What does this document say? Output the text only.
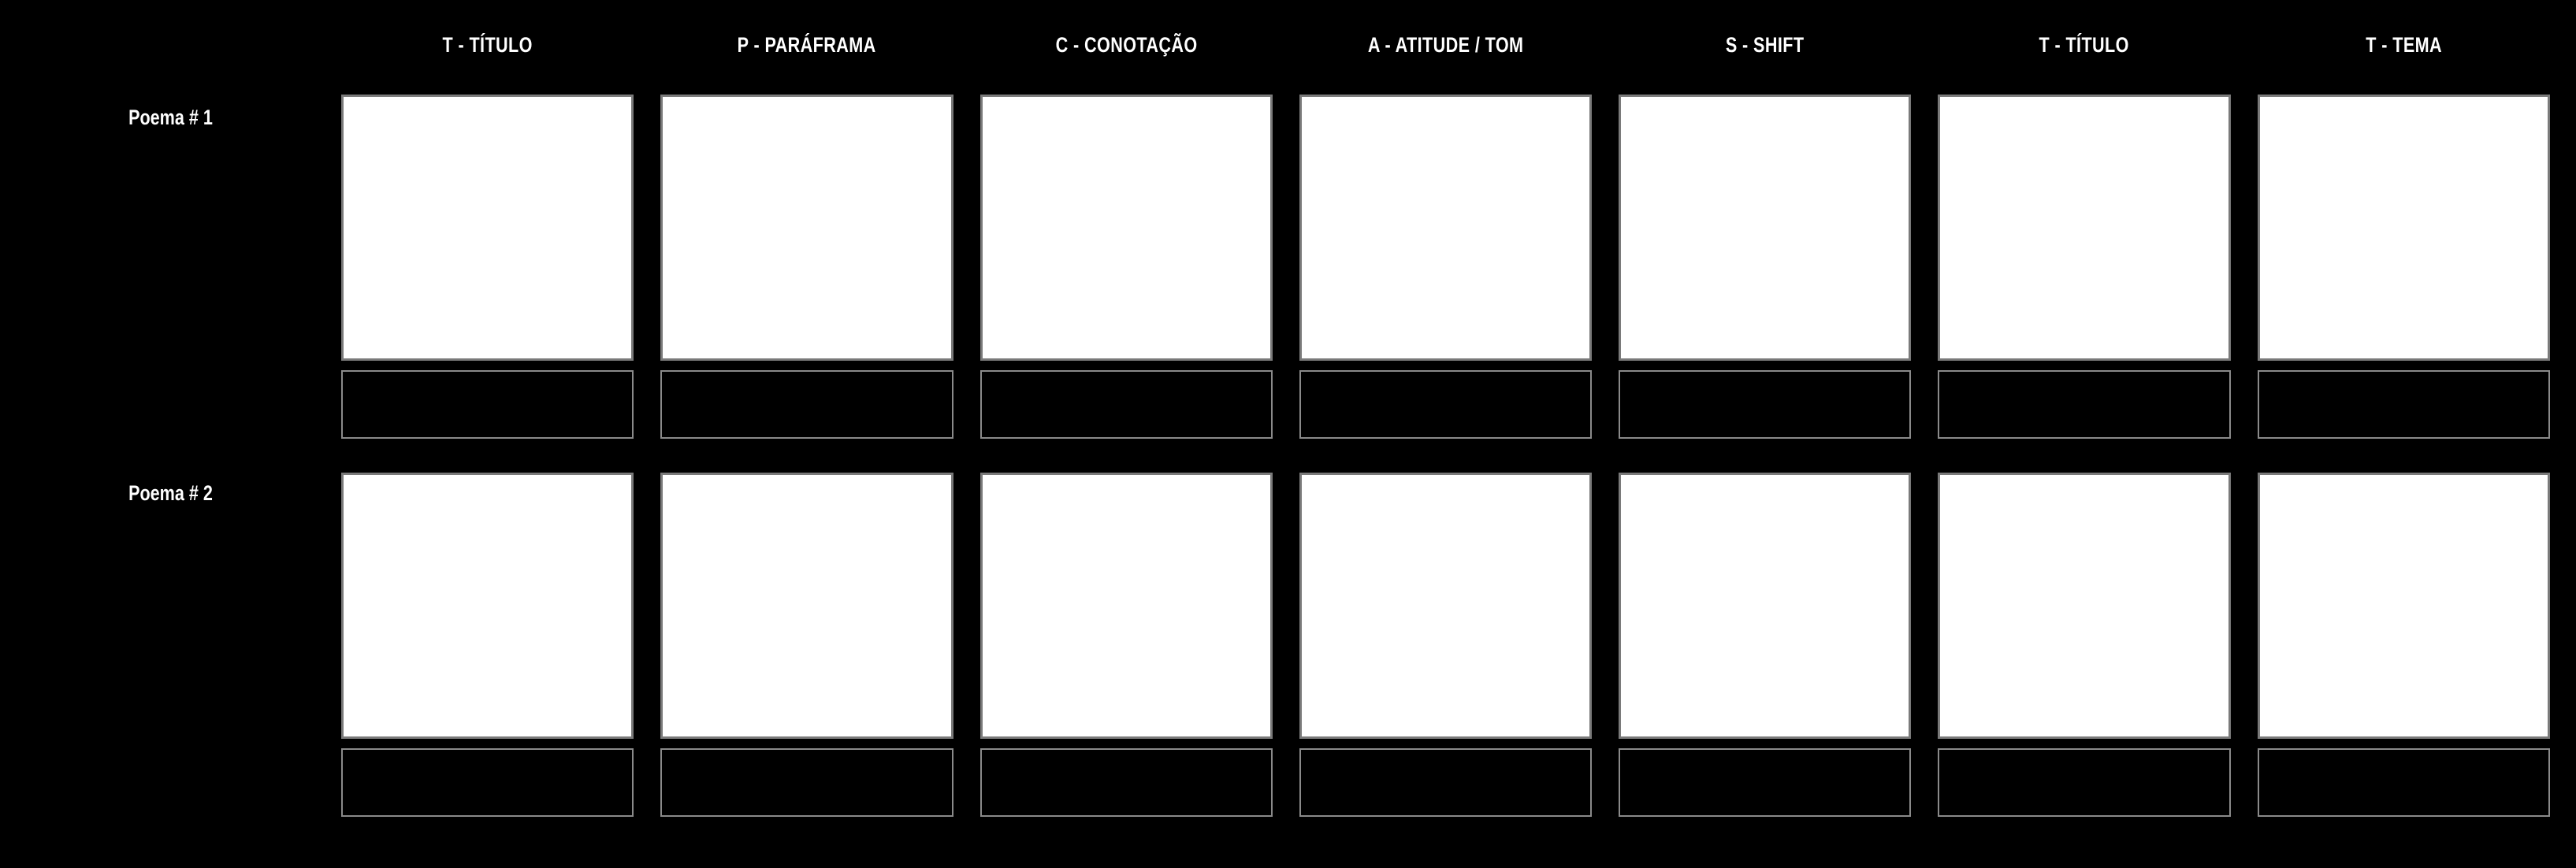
T - TÍTULO	P - PARÁFRAMA	C - CONOTAÇÃO	A - ATITUDE / TOM	S - SHIFT	T - TÍTULO	T - TEMA
Poema # 1
Poema # 2
